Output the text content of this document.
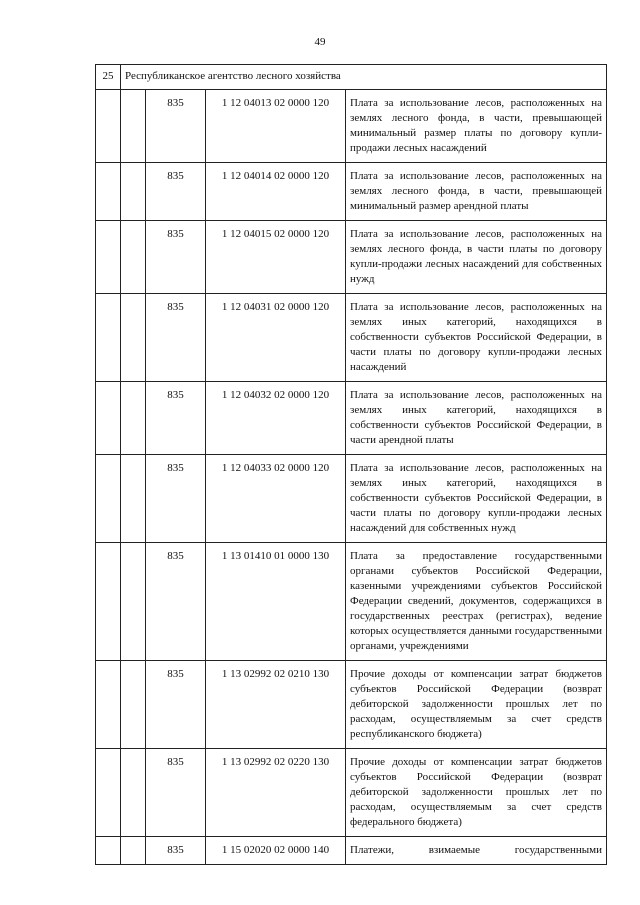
49
25	Республиканское агентство лесного хозяйства			
		835	1 12 04013 02 0000 120	Плата за использование лесов, расположенных на землях лесного фонда, в части, превышающей минимальный размер платы по договору купли-продажи лесных насаждений
		835	1 12 04014 02 0000 120	Плата за использование лесов, расположенных на землях лесного фонда, в части, превышающей минимальный размер арендной платы
		835	1 12 04015 02 0000 120	Плата за использование лесов, расположенных на землях лесного фонда, в части платы по договору купли-продажи лесных насаждений для собственных нужд
		835	1 12 04031 02 0000 120	Плата за использование лесов, расположенных на землях иных категорий, находящихся в собственности субъектов Российской Федерации, в части платы по договору купли-продажи лесных насаждений
		835	1 12 04032 02 0000 120	Плата за использование лесов, расположенных на землях иных категорий, находящихся в собственности субъектов Российской Федерации, в части арендной платы
		835	1 12 04033 02 0000 120	Плата за использование лесов, расположенных на землях иных категорий, находящихся в собственности субъектов Российской Федерации, в части платы по договору купли-продажи лесных насаждений для собственных нужд
		835	1 13 01410 01 0000 130	Плата за предоставление государственными органами субъектов Российской Федерации, казенными учреждениями субъектов Российской Федерации сведений, документов, содержащихся в государственных реестрах (регистрах), ведение которых осуществляется данными государственными органами, учреждениями
		835	1 13 02992 02 0210 130	Прочие доходы от компенсации затрат бюджетов субъектов Российской Федерации (возврат дебиторской задолженности прошлых лет по расходам, осуществляемым за счет средств республиканского бюджета)
		835	1 13 02992 02 0220 130	Прочие доходы от компенсации затрат бюджетов субъектов Российской Федерации (возврат дебиторской задолженности прошлых лет по расходам, осуществляемым за счет средств федерального бюджета)
		835	1 15 02020 02 0000 140	Платежи, взимаемые государственными
